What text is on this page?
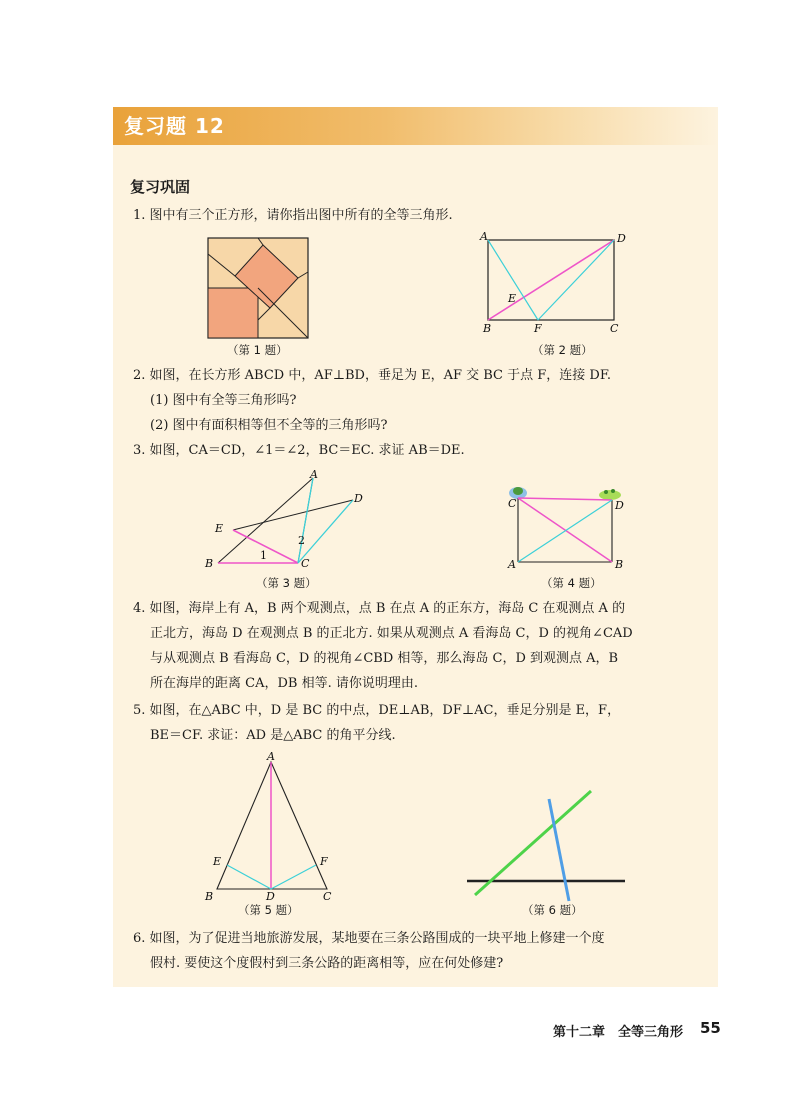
复习题 12
复习巩固
1. 图中有三个正方形，请你指出图中所有的全等三角形.
（第 1 题）
A	D
B	F	C
E
（第 2 题）
2. 如图，在长方形 ABCD 中，AF⊥BD，垂足为 E，AF 交 BC 于点 F，连接 DF.
(1) 图中有全等三角形吗?
(2) 图中有面积相等但不全等的三角形吗?
3. 如图，CA＝CD，∠1＝∠2，BC＝EC. 求证 AB＝DE.
A
D
E
B	C
1
2
（第 3 题）
C	D
A	B
（第 4 题）
4. 如图，海岸上有 A，B 两个观测点，点 B 在点 A 的正东方，海岛 C 在观测点 A 的
正北方，海岛 D 在观测点 B 的正北方. 如果从观测点 A 看海岛 C，D 的视角∠CAD
与从观测点 B 看海岛 C，D 的视角∠CBD 相等，那么海岛 C，D 到观测点 A，B
所在海岸的距离 CA，DB 相等. 请你说明理由.
5. 如图，在△ABC 中，D 是 BC 的中点，DE⊥AB，DF⊥AC，垂足分别是 E，F，
BE＝CF. 求证：AD 是△ABC 的角平分线.
A
E	F
B	D	C
（第 5 题）	（第 6 题）
6. 如图，为了促进当地旅游发展，某地要在三条公路围成的一块平地上修建一个度
假村. 要使这个度假村到三条公路的距离相等，应在何处修建?
第十二章　全等三角形 55
